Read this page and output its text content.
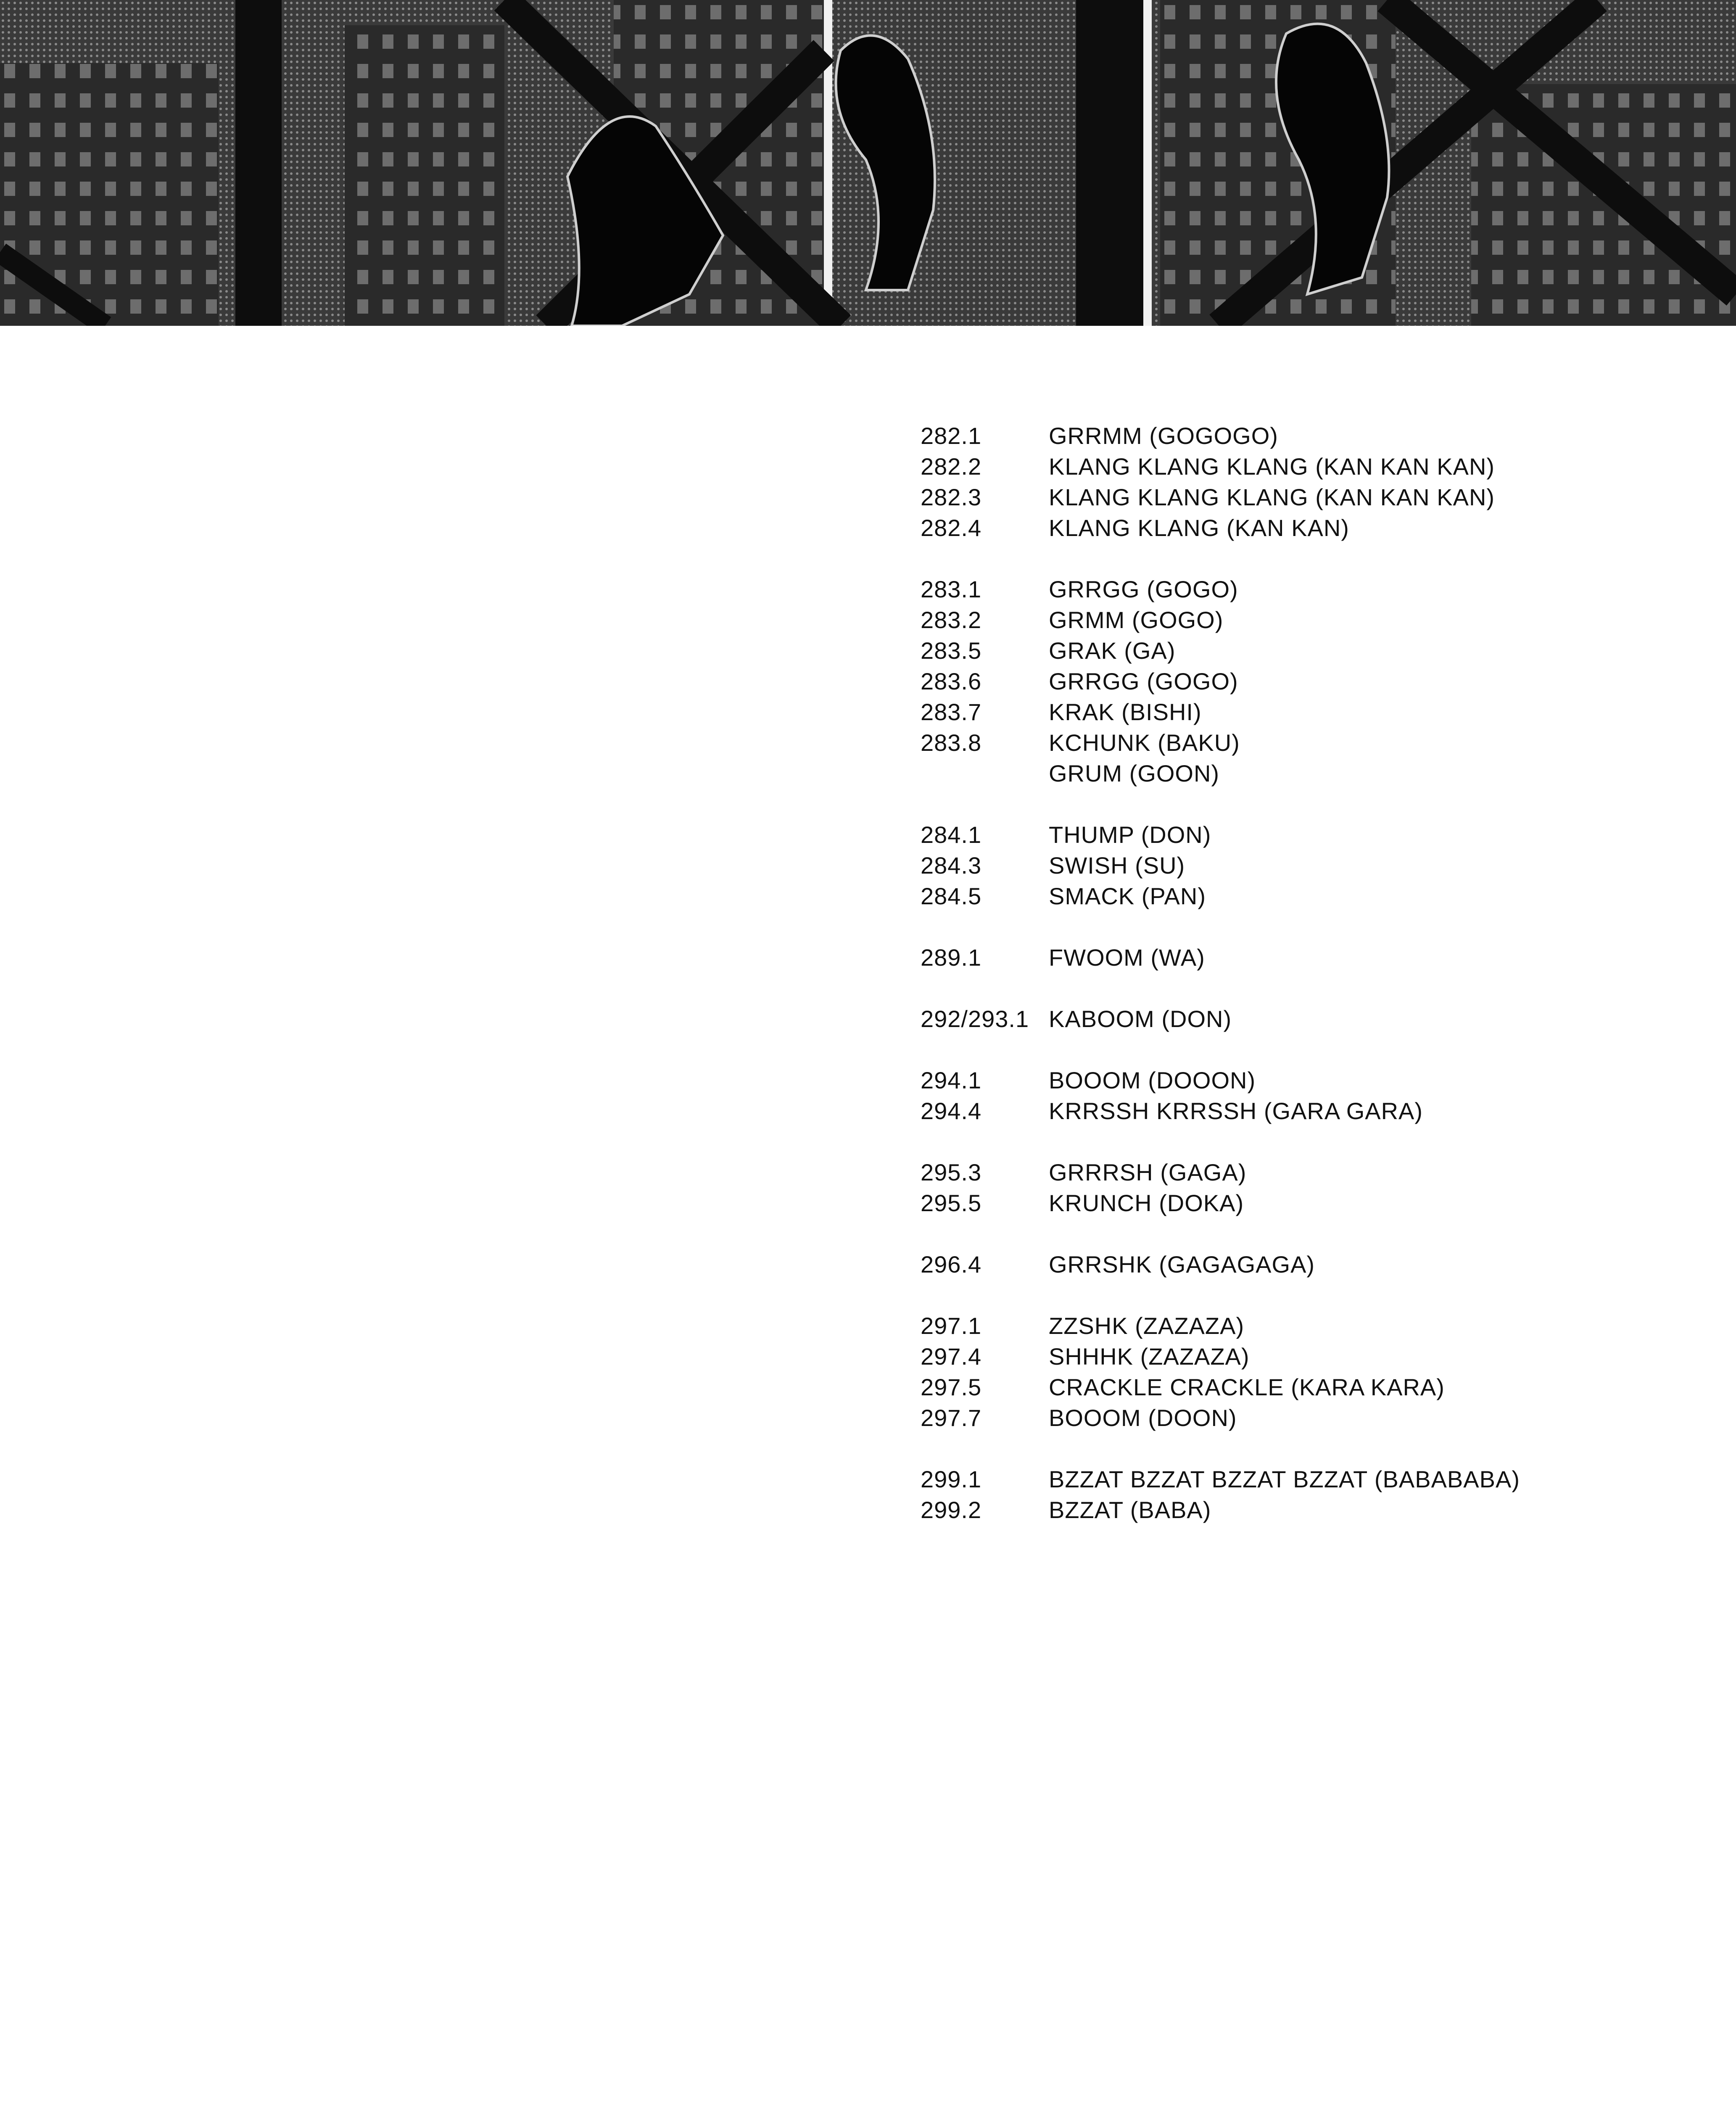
282.1	GRRMM (GOGOGO)
282.2	KLANG KLANG KLANG (KAN KAN KAN)
282.3	KLANG KLANG KLANG (KAN KAN KAN)
282.4	KLANG KLANG (KAN KAN)
283.1	GRRGG (GOGO)
283.2	GRMM (GOGO)
283.5	GRAK (GA)
283.6	GRRGG (GOGO)
283.7	KRAK (BISHI)
283.8	KCHUNK (BAKU)
GRUM (GOON)
284.1	THUMP (DON)
284.3	SWISH (SU)
284.5	SMACK (PAN)
289.1	FWOOM (WA)
292/293.1 KABOOM (DON)
294.1	BOOOM (DOOON)
294.4	KRRSSH KRRSSH (GARA GARA)
295.3	GRRRSH (GAGA)
295.5	KRUNCH (DOKA)
296.4	GRRSHK (GAGAGAGA)
297.1	ZZSHK (ZAZAZA)
297.4	SHHHK (ZAZAZA)
297.5	CRACKLE CRACKLE (KARA KARA)
297.7	BOOOM (DOON)
299.1	BZZAT BZZAT BZZAT BZZAT (BABABABA)
299.2	BZZAT (BABA)
